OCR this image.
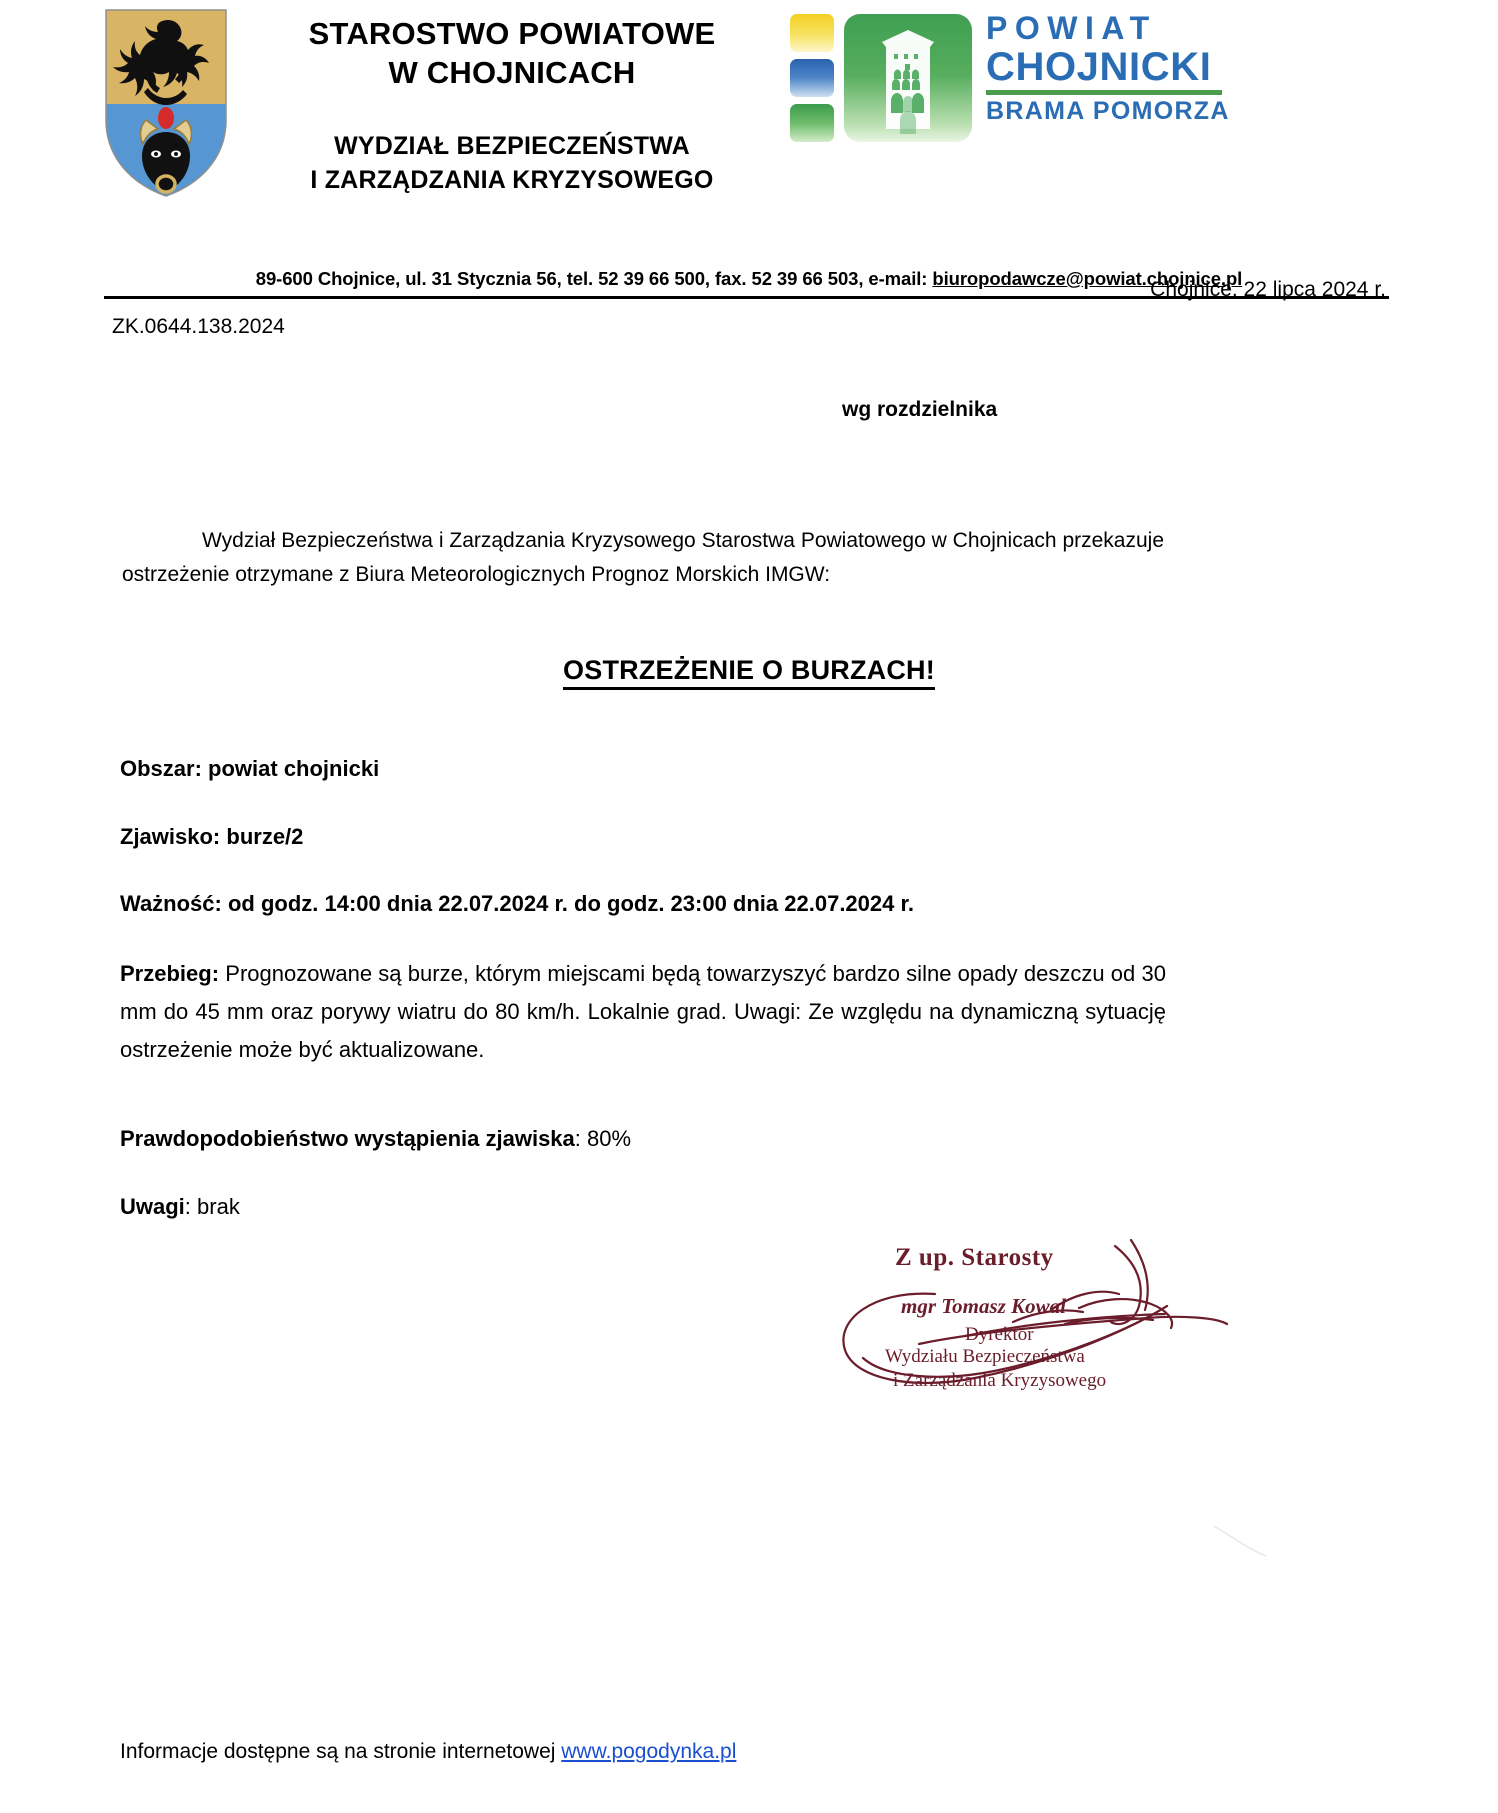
STAROSTWO POWIATOWE
W CHOJNICACH
WYDZIAŁ BEZPIECZEŃSTWA
I ZARZĄDZANIA KRYZYSOWEGO
POWIAT
CHOJNICKI
BRAMA POMORZA
89-600 Chojnice, ul. 31 Stycznia 56, tel. 52 39 66 500, fax. 52 39 66 503, e-mail: biuropodawcze@powiat.chojnice.pl
Chojnice, 22 lipca 2024 r.
ZK.0644.138.2024
wg rozdzielnika
Wydział Bezpieczeństwa i Zarządzania Kryzysowego Starostwa Powiatowego w Chojnicach przekazuje ostrzeżenie otrzymane z Biura Meteorologicznych Prognoz Morskich IMGW:
OSTRZEŻENIE O BURZACH!
Obszar: powiat chojnicki
Zjawisko: burze/2
Ważność: od godz. 14:00 dnia 22.07.2024 r. do godz. 23:00 dnia 22.07.2024 r.
Przebieg: Prognozowane są burze, którym miejscami będą towarzyszyć bardzo silne opady deszczu od 30 mm do 45 mm oraz porywy wiatru do 80 km/h. Lokalnie grad. Uwagi: Ze względu na dynamiczną sytuację ostrzeżenie może być aktualizowane.
Prawdopodobieństwo wystąpienia zjawiska: 80%
Uwagi: brak
Z up. Starosty
mgr Tomasz Kowal
Dyrektor
Wydziału Bezpieczeństwa
i Zarządzania Kryzysowego
Informacje dostępne są na stronie internetowej www.pogodynka.pl
